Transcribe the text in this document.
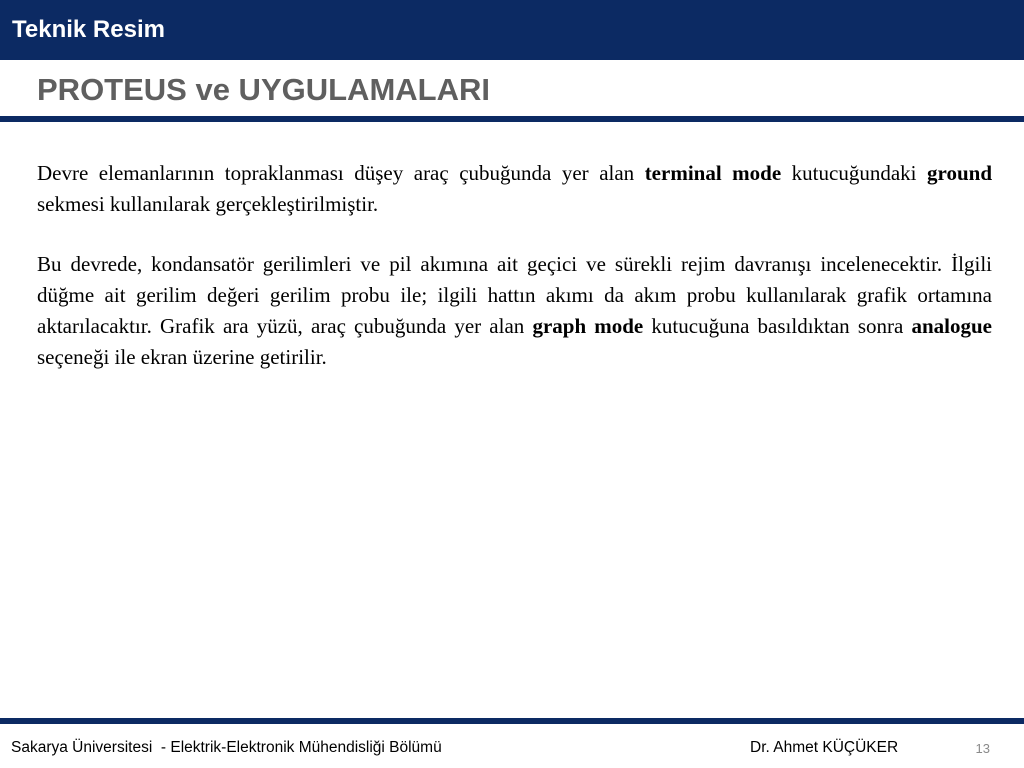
Teknik Resim
PROTEUS ve UYGULAMALARI

Devre elemanlarının topraklanması düşey araç çubuğunda yer alan terminal mode kutucuğundaki ground sekmesi kullanılarak gerçekleştirilmiştir.

Bu devrede, kondansatör gerilimleri ve pil akımına ait geçici ve sürekli rejim davranışı incelenecektir. İlgili düğme ait gerilim değeri gerilim probu ile; ilgili hattın akımı da akım probu kullanılarak grafik ortamına aktarılacaktır. Grafik ara yüzü, araç çubuğunda yer alan graph mode kutucuğuna basıldıktan sonra analogue seçeneği ile ekran üzerine getirilir.

Sakarya Üniversitesi  - Elektrik-Elektronik Mühendisliği Bölümü	Dr. Ahmet KÜÇÜKER	13
